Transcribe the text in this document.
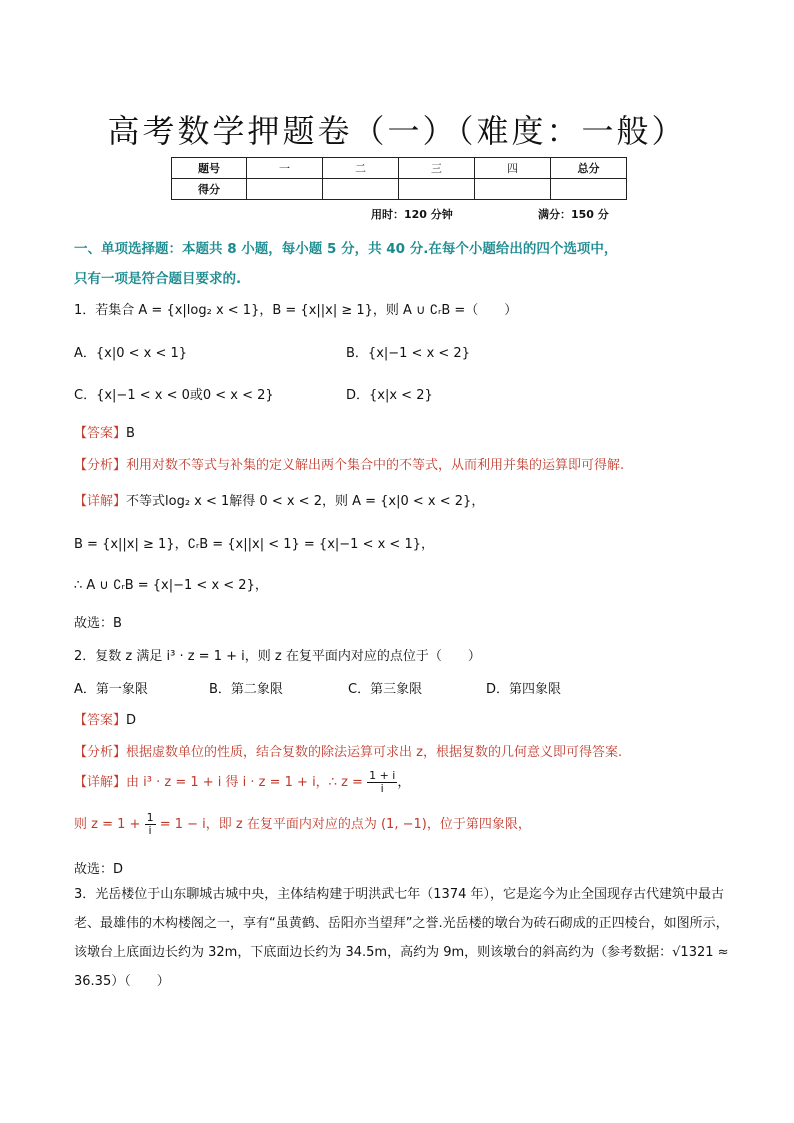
高考数学押题卷（一）（难度：一般）
题号	一	二	三	四	总分
得分					
用时：120 分钟	满分：150 分
一、单项选择题：本题共 8 小题，每小题 5 分，共 40 分.在每个小题给出的四个选项中，
只有一项是符合题目要求的.
1．若集合 A = {x|log₂ x < 1}，B = {x||x| ≥ 1}，则 A ∪ ∁ᵣB =（　　）
A．{x|0 < x < 1}	B．{x|−1 < x < 2}
C．{x|−1 < x < 0或0 < x < 2}	D．{x|x < 2}
【答案】B
【分析】利用对数不等式与补集的定义解出两个集合中的不等式，从而利用并集的运算即可得解.
【详解】不等式log₂ x < 1解得 0 < x < 2，则 A = {x|0 < x < 2}，
B = {x||x| ≥ 1}，∁ᵣB = {x||x| < 1} = {x|−1 < x < 1}，
∴ A ∪ ∁ᵣB = {x|−1 < x < 2}，
故选：B
2．复数 z 满足 i³ · z = 1 + i，则 z 在复平面内对应的点位于（　　）
A．第一象限	B．第二象限	C．第三象限	D．第四象限
【答案】D
【分析】根据虚数单位的性质，结合复数的除法运算可求出 z，根据复数的几何意义即可得答案.
【详解】由 i³ · z = 1 + i 得 i · z = 1 + i，∴ $z = \frac{1 + i}{i}$ ，
则 $z = 1 + \frac{1}{i} = 1 - i$，即 z 在复平面内对应的点为 (1, −1)，位于第四象限，
故选：D
3．光岳楼位于山东聊城古城中央，主体结构建于明洪武七年（1374 年），它是迄今为止全国现存古代建筑中最古老、最雄伟的木构楼阁之一，享有“虽黄鹤、岳阳亦当望拜”之誉.光岳楼的墩台为砖石砌成的正四棱台，如图所示，该墩台上底面边长约为 32m，下底面边长约为 34.5m，高约为 9m，则该墩台的斜高约为（参考数据：√1321 ≈ 36.35）（　　）
